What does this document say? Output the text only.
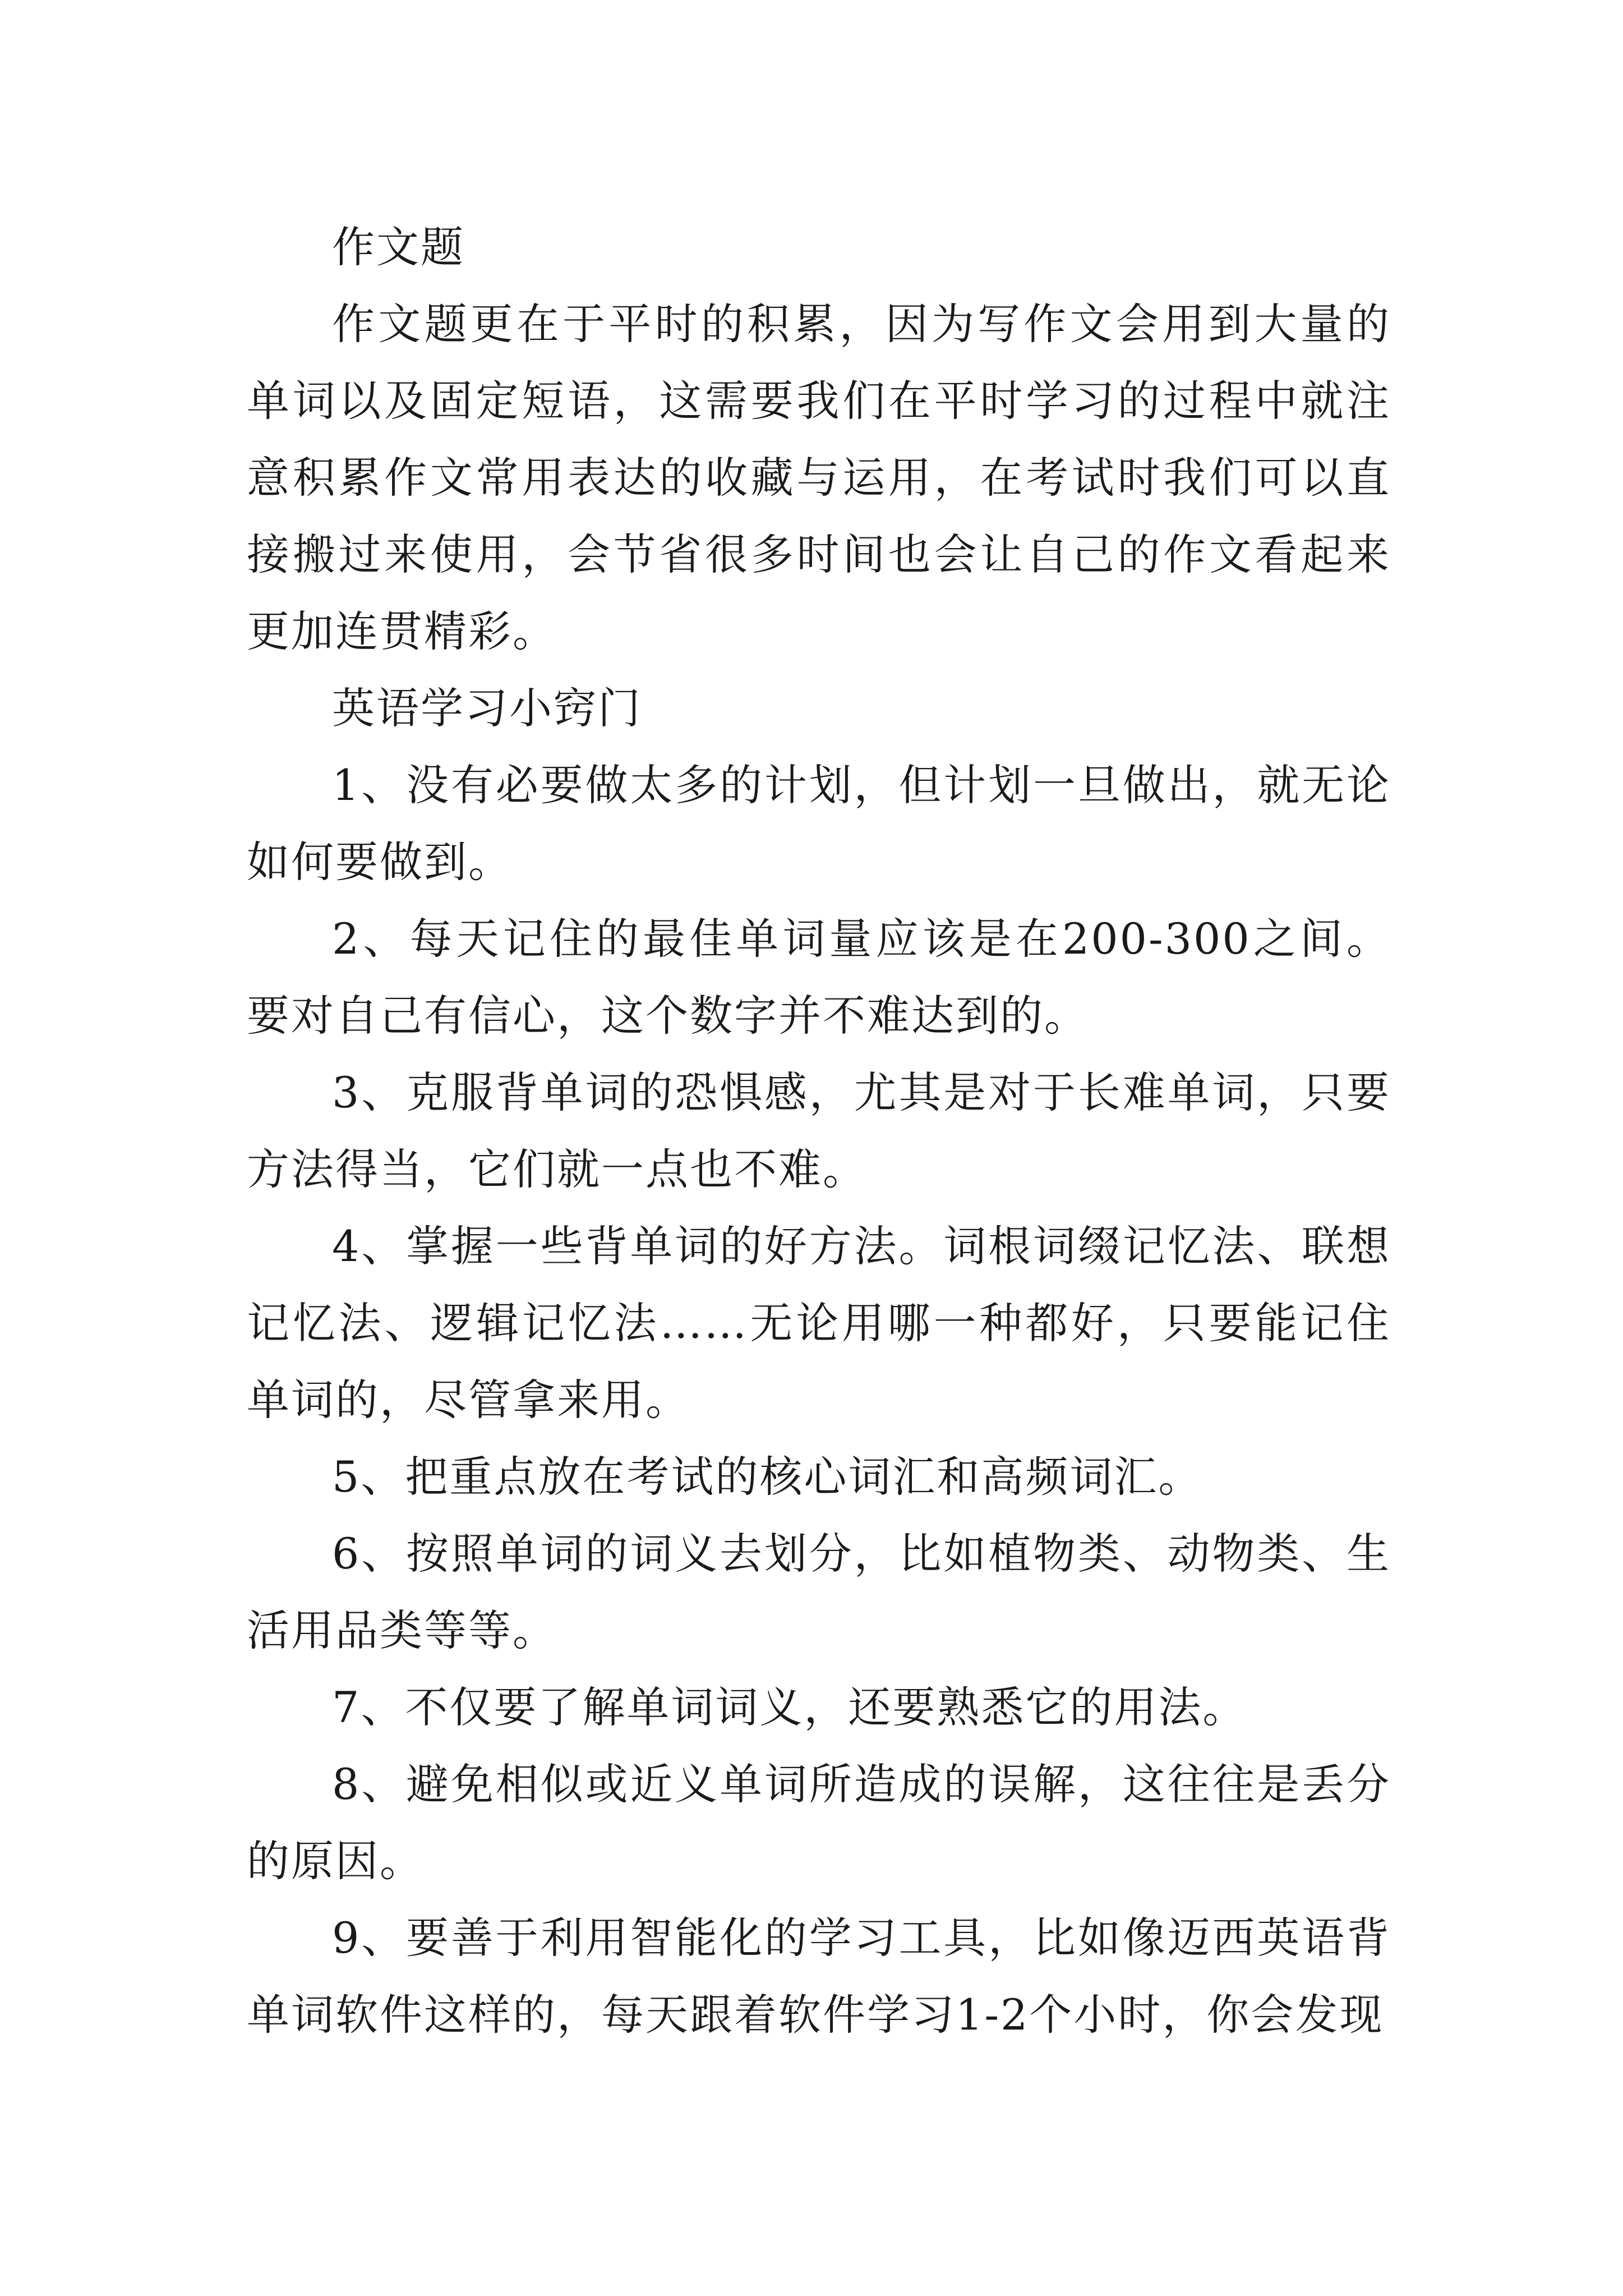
作文题

作文题更在于平时的积累，因为写作文会用到大量的单词以及固定短语，这需要我们在平时学习的过程中就注意积累作文常用表达的收藏与运用，在考试时我们可以直接搬过来使用，会节省很多时间也会让自己的作文看起来更加连贯精彩。

英语学习小窍门

1、没有必要做太多的计划，但计划一旦做出，就无论如何要做到。

2、每天记住的最佳单词量应该是在200-300之间。要对自己有信心，这个数字并不难达到的。

3、克服背单词的恐惧感，尤其是对于长难单词，只要方法得当，它们就一点也不难。

4、掌握一些背单词的好方法。词根词缀记忆法、联想记忆法、逻辑记忆法……无论用哪一种都好，只要能记住单词的，尽管拿来用。

5、把重点放在考试的核心词汇和高频词汇。

6、按照单词的词义去划分，比如植物类、动物类、生活用品类等等。

7、不仅要了解单词词义，还要熟悉它的用法。

8、避免相似或近义单词所造成的误解，这往往是丢分的原因。

9、要善于利用智能化的学习工具，比如像迈西英语背单词软件这样的，每天跟着软件学习1-2个小时，你会发现
